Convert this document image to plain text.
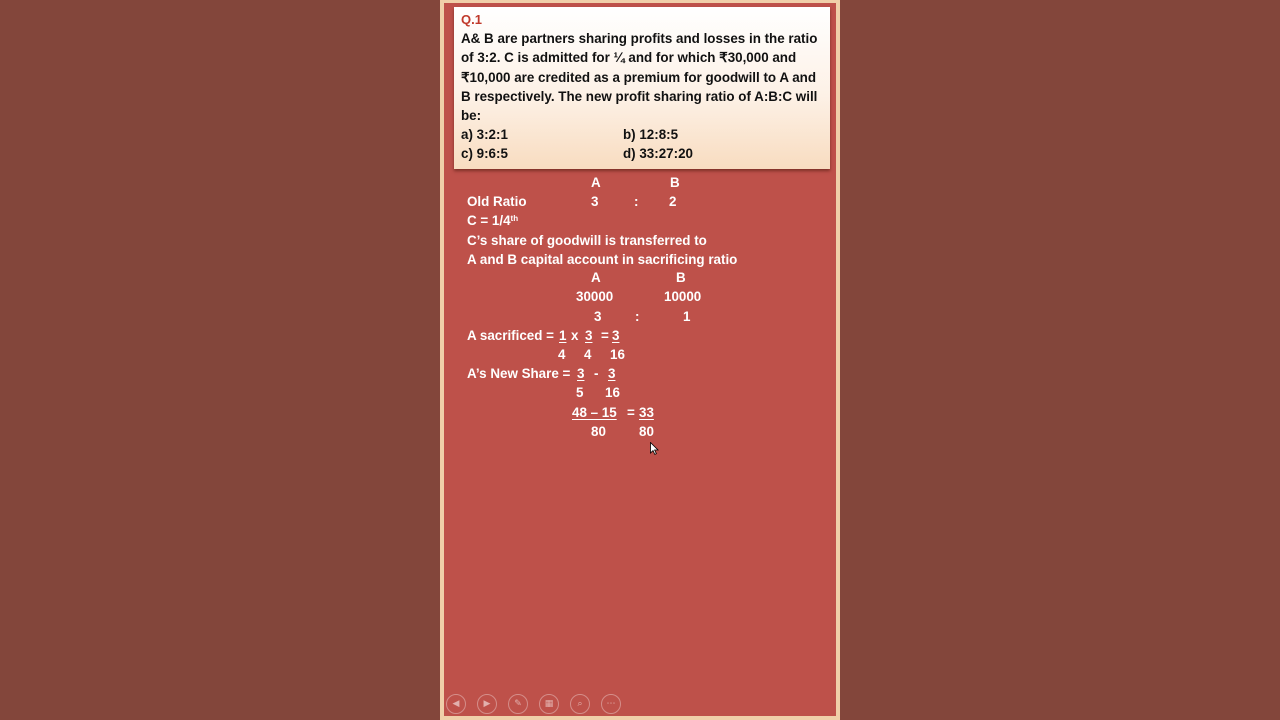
Q.1

A& B are partners sharing profits and losses in the ratio of 3:2. C is admitted for ¼ and for which ₹30,000 and ₹10,000 are credited as a premium for goodwill to A and B respectively. The new profit sharing ratio of A:B:C will be:

a) 3:2:1	b) 12:8:5
c) 9:6:5	d) 33:27:20
A	B
Old Ratio	3	: 2
C = 1/4th
C’s share of goodwill is transferred to
A and B capital account in sacrificing ratio
A	B
30000	10000
3	:	1
A sacrificed = 1 x 3 = 3
4 4 16
A’s New Share = 3 - 3
5 16
48 – 15 = 33
80 80
◀	▶	✎	▦	⌕	⋯
